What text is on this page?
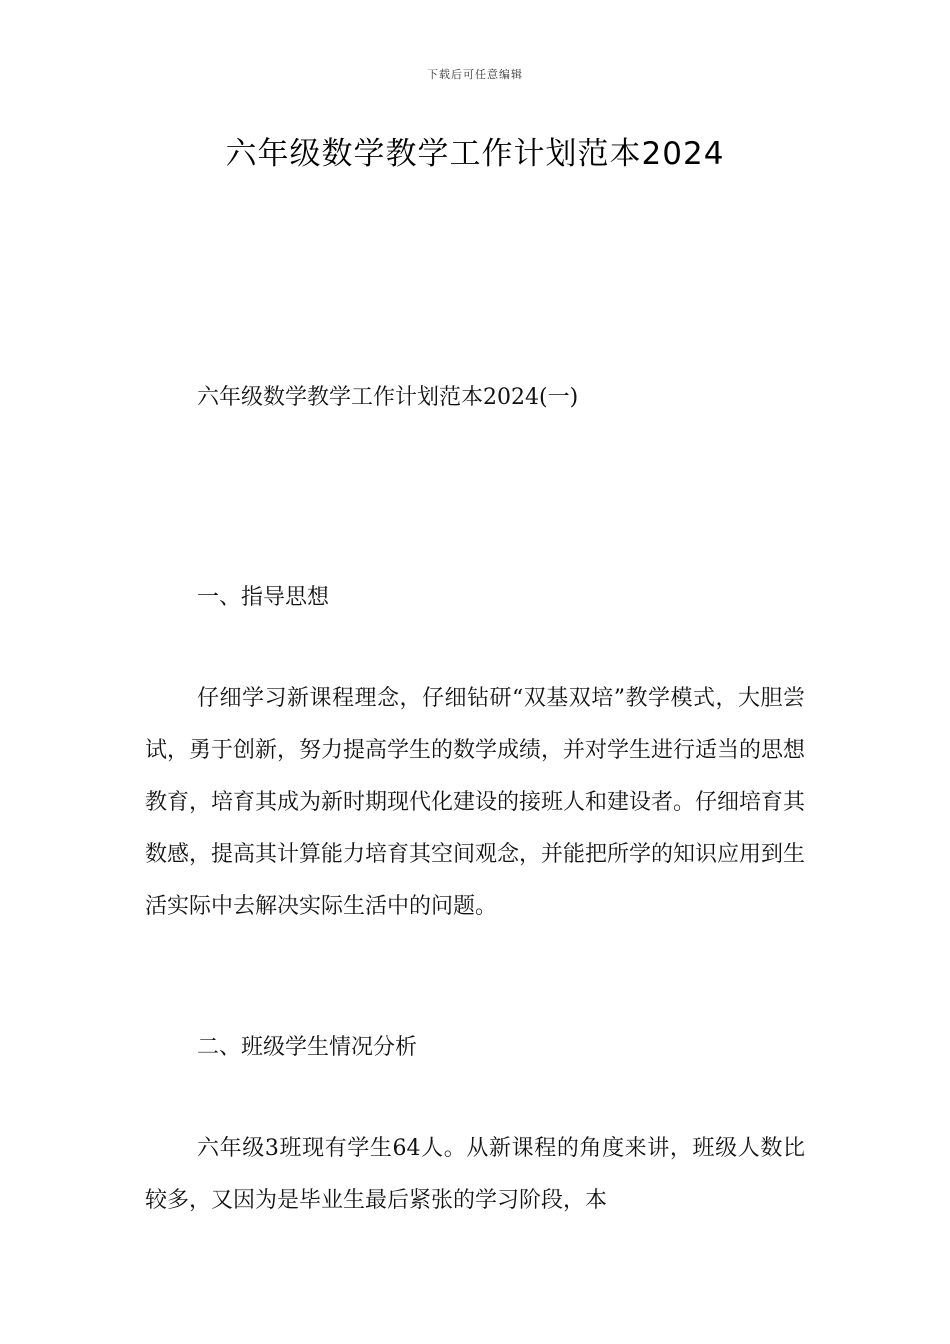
下载后可任意编辑
六年级数学教学工作计划范本2024
六年级数学教学工作计划范本2024(一)
一、指导思想

仔细学习新课程理念，仔细钻研“双基双培”教学模式，大胆尝试，勇于创新，努力提高学生的数学成绩，并对学生进行适当的思想教育，培育其成为新时期现代化建设的接班人和建设者。仔细培育其数感，提高其计算能力培育其空间观念，并能把所学的知识应用到生活实际中去解决实际生活中的问题。

二、班级学生情况分析

六年级3班现有学生64人。从新课程的角度来讲，班级人数比较多，又因为是毕业生最后紧张的学习阶段，本
